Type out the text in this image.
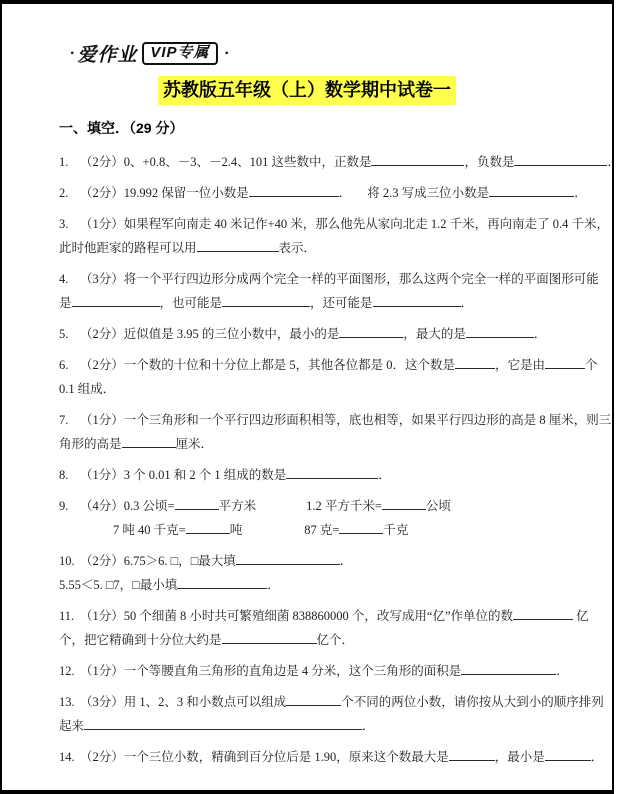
· 爱作业 VIP专属 ·
苏教版五年级（上）数学期中试卷一
一、填空．（29 分）
1. （2分）0、+0.8、－3、－2.4、101 这些数中，正数是	，负数是	．
2. （2分）19.992 保留一位小数是	． 将 2.3 写成三位小数是	．
3. （1分）如果程军向南走 40 米记作+40 米，那么他先从家向北走 1.2 千米，再向南走了 0.4 千米，
此时他距家的路程可以用	表示．
4. （3分）将一个平行四边形分成两个完全一样的平面图形，那么这两个完全一样的平面图形可能
是	，也可能是	，还可能是	．
5. （2分）近似值是 3.95 的三位小数中，最小的是	，最大的是	．
6. （2分）一个数的十位和十分位上都是 5，其他各位都是 0．这个数是	，它是由	个
0.1 组成．
7. （1分）一个三角形和一个平行四边形面积相等，底也相等，如果平行四边形的高是 8 厘米，则三
角形的高是	厘米．
8. （1分）3 个 0.01 和 2 个 1 组成的数是	．
9. （4分）0.3 公顷=	平方米	1.2 平方千米=	公顷
7 吨 40 千克=	吨	87 克=	千克
10. （2分）6.75＞6. □，□最大填	．
5.55＜5. □7，□最小填	．
11. （1分）50 个细菌 8 小时共可繁殖细菌 838860000 个，改写成用“亿”作单位的数	亿
个，把它精确到十分位大约是	亿个．
12. （1分）一个等腰直角三角形的直角边是 4 分米，这个三角形的面积是	．
13. （3分）用 1、2、3 和小数点可以组成	个不同的两位小数，请你按从大到小的顺序排列
起来	．
14. （2分）一个三位小数，精确到百分位后是 1.90，原来这个数最大是	，最小是	．
